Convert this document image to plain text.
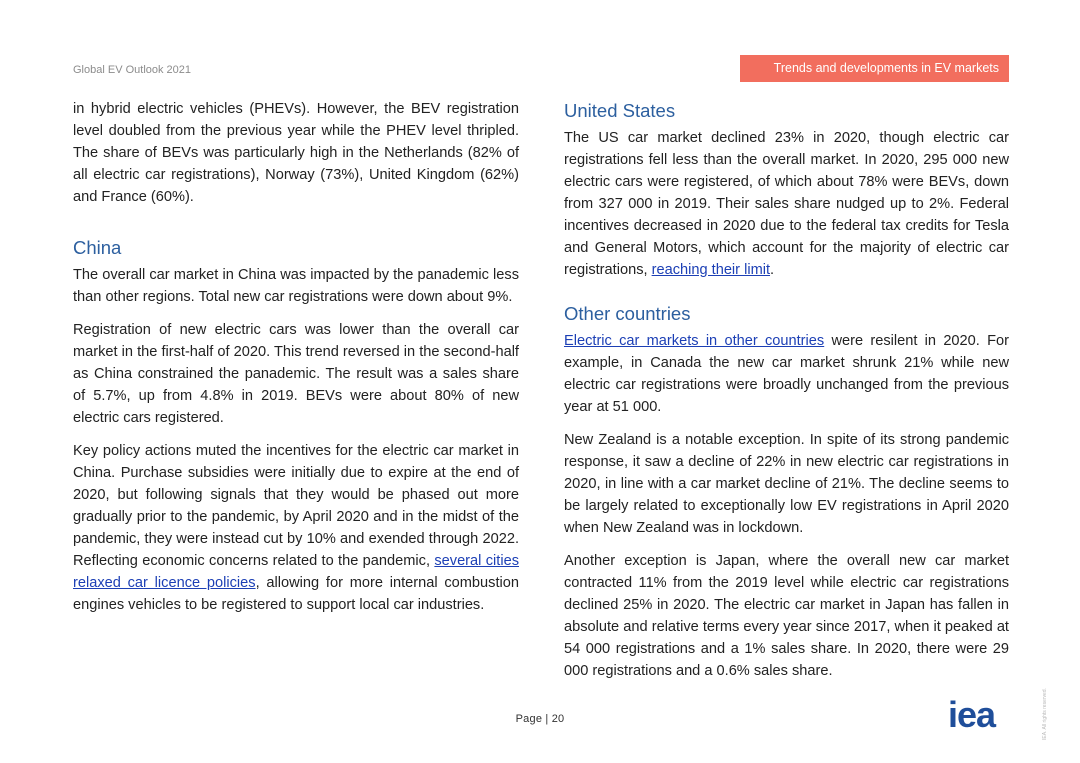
Global EV Outlook 2021	Trends and developments in EV markets

in hybrid electric vehicles (PHEVs). However, the BEV registration level doubled from the previous year while the PHEV level thripled. The share of BEVs was particularly high in the Netherlands (82% of all electric car registrations), Norway (73%), United Kingdom (62%) and France (60%).

China

The overall car market in China was impacted by the panademic less than other regions. Total new car registrations were down about 9%.

Registration of new electric cars was lower than the overall car market in the first-half of 2020. This trend reversed in the second-half as China constrained the panademic. The result was a sales share of 5.7%, up from 4.8% in 2019. BEVs were about 80% of new electric cars registered.

Key policy actions muted the incentives for the electric car market in China. Purchase subsidies were initially due to expire at the end of 2020, but following signals that they would be phased out more gradually prior to the pandemic, by April 2020 and in the midst of the pandemic, they were instead cut by 10% and exended through 2022. Reflecting economic concerns related to the pandemic, several cities relaxed car licence policies, allowing for more internal combustion engines vehicles to be registered to support local car industries.

United States

The US car market declined 23% in 2020, though electric car registrations fell less than the overall market. In 2020, 295 000 new electric cars were registered, of which about 78% were BEVs, down from 327 000 in 2019. Their sales share nudged up to 2%. Federal incentives decreased in 2020 due to the federal tax credits for Tesla and General Motors, which account for the majority of electric car registrations, reaching their limit.

Other countries

Electric car markets in other countries were resilent in 2020. For example, in Canada the new car market shrunk 21% while new electric car registrations were broadly unchanged from the previous year at 51 000.

New Zealand is a notable exception. In spite of its strong pandemic response, it saw a decline of 22% in new electric car registrations in 2020, in line with a car market decline of 21%. The decline seems to be largely related to exceptionally low EV registrations in April 2020 when New Zealand was in lockdown.

Another exception is Japan, where the overall new car market contracted 11% from the 2019 level while electric car registrations declined 25% in 2020. The electric car market in Japan has fallen in absolute and relative terms every year since 2017, when it peaked at 54 000 registrations and a 1% sales share. In 2020, there were 29 000 registrations and a 0.6% sales share.

Page | 20	iea	IEA. All rights reserved.
